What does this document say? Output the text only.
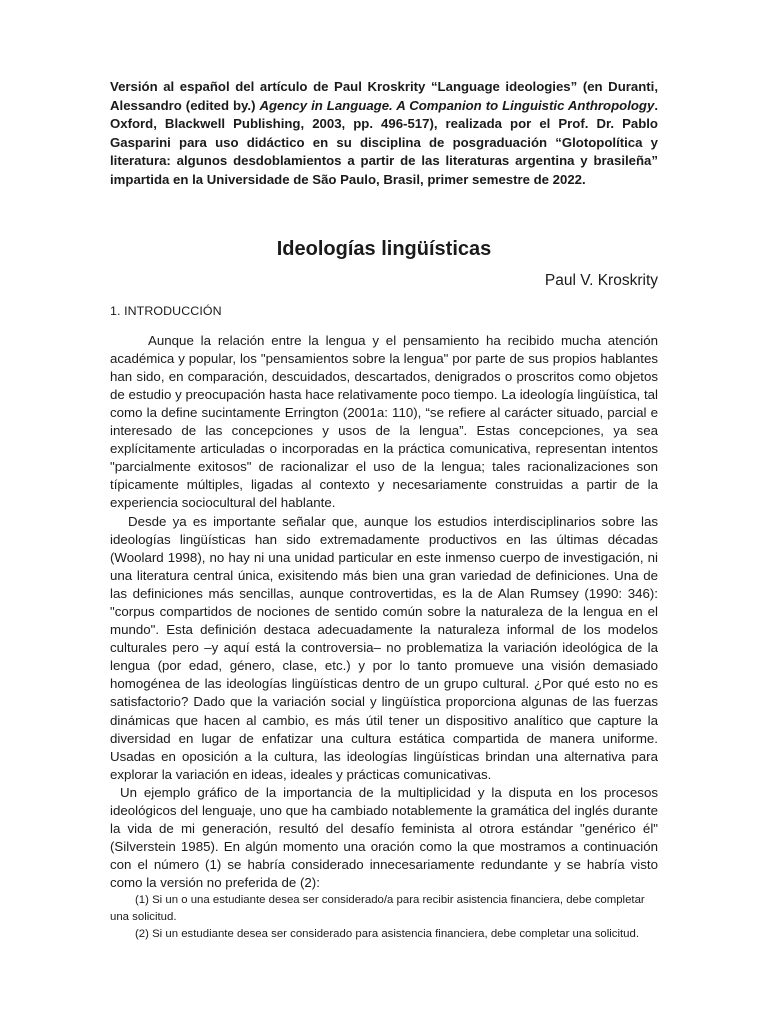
Versión al español del artículo de Paul Kroskrity “Language ideologies” (en Duranti, Alessandro (edited by.) Agency in Language. A Companion to Linguistic Anthropology. Oxford, Blackwell Publishing, 2003, pp. 496-517), realizada por el Prof. Dr. Pablo Gasparini para uso didáctico en su disciplina de posgraduación “Glotopolítica y literatura: algunos desdoblamientos a partir de las literaturas argentina y brasileña” impartida en la Universidade de São Paulo, Brasil, primer semestre de 2022.

Ideologías lingüísticas
Paul V. Kroskrity
1. INTRODUCCIÓN

Aunque la relación entre la lengua y el pensamiento ha recibido mucha atención académica y popular, los "pensamientos sobre la lengua" por parte de sus propios hablantes han sido, en comparación, descuidados, descartados, denigrados o proscritos como objetos de estudio y preocupación hasta hace relativamente poco tiempo. La ideología lingüística, tal como la define sucintamente Errington (2001a: 110), “se refiere al carácter situado, parcial e interesado de las concepciones y usos de la lengua”. Estas concepciones, ya sea explícitamente articuladas o incorporadas en la práctica comunicativa, representan intentos "parcialmente exitosos" de racionalizar el uso de la lengua; tales racionalizaciones son típicamente múltiples, ligadas al contexto y necesariamente construidas a partir de la experiencia sociocultural del hablante.

Desde ya es importante señalar que, aunque los estudios interdisciplinarios sobre las ideologías lingüísticas han sido extremadamente productivos en las últimas décadas (Woolard 1998), no hay ni una unidad particular en este inmenso cuerpo de investigación, ni una literatura central única, exisitendo más bien una gran variedad de definiciones. Una de las definiciones más sencillas, aunque controvertidas, es la de Alan Rumsey (1990: 346): "corpus compartidos de nociones de sentido común sobre la naturaleza de la lengua en el mundo". Esta definición destaca adecuadamente la naturaleza informal de los modelos culturales pero –y aquí está la controversia– no problematiza la variación ideológica de la lengua (por edad, género, clase, etc.) y por lo tanto promueve una visión demasiado homogénea de las ideologías lingüísticas dentro de un grupo cultural. ¿Por qué esto no es satisfactorio? Dado que la variación social y lingüística proporciona algunas de las fuerzas dinámicas que hacen al cambio, es más útil tener un dispositivo analítico que capture la diversidad en lugar de enfatizar una cultura estática compartida de manera uniforme. Usadas en oposición a la cultura, las ideologías lingüísticas brindan una alternativa para explorar la variación en ideas, ideales y prácticas comunicativas.

Un ejemplo gráfico de la importancia de la multiplicidad y la disputa en los procesos ideológicos del lenguaje, uno que ha cambiado notablemente la gramática del inglés durante la vida de mi generación, resultó del desafío feminista al otrora estándar "genérico él" (Silverstein 1985). En algún momento una oración como la que mostramos a continuación con el número (1) se habría considerado innecesariamente redundante y se habría visto como la versión no preferida de (2):

(1) Si un o una estudiante desea ser considerado/a para recibir asistencia financiera, debe completar una solicitud.

(2) Si un estudiante desea ser considerado para asistencia financiera, debe completar una solicitud.
